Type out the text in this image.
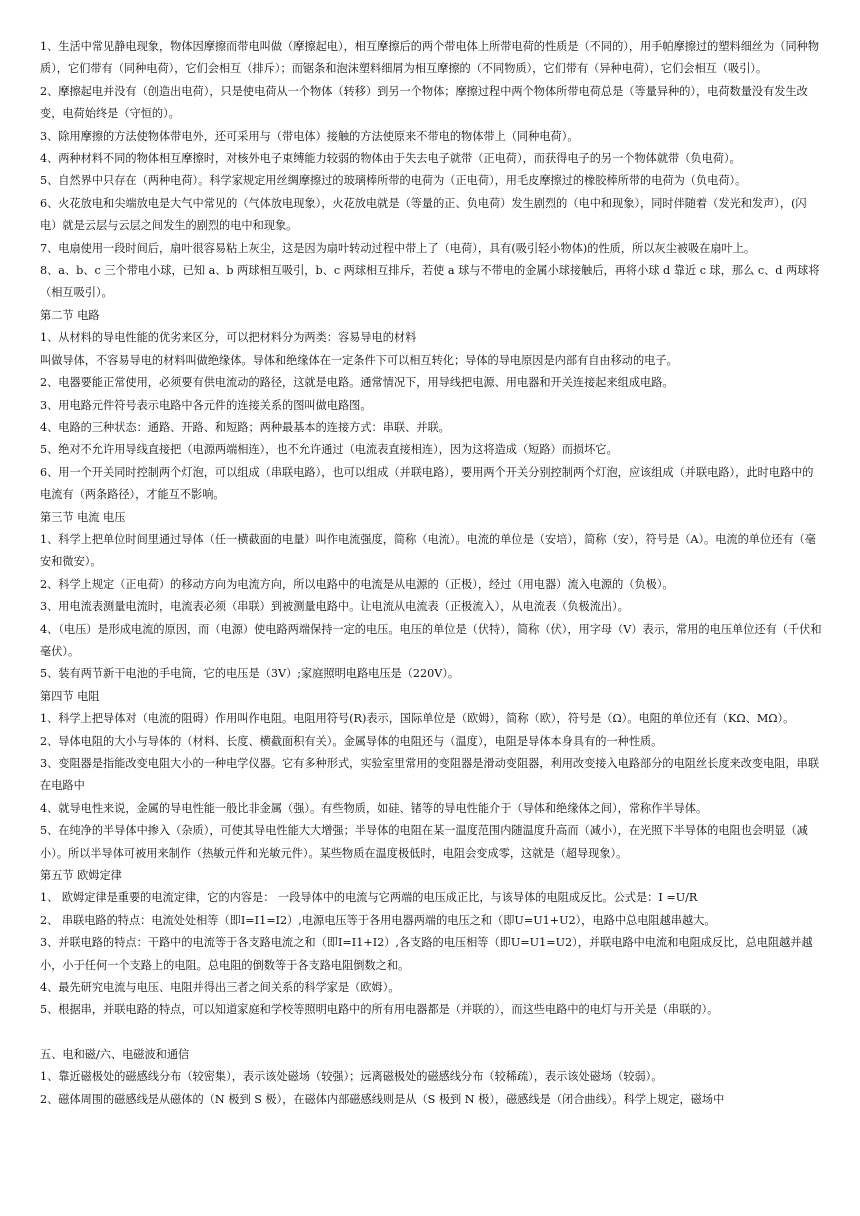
1、生活中常见静电现象，物体因摩擦而带电叫做（摩擦起电），相互摩擦后的两个带电体上所带电荷的性质是（不同的），用手帕摩擦过的塑料细丝为（同种物质），它们带有（同种电荷），它们会相互（排斥）；而锯条和泡沫塑料细屑为相互摩擦的（不同物质），它们带有（异种电荷），它们会相互（吸引）。

2、摩擦起电并没有（创造出电荷），只是使电荷从一个物体（转移）到另一个物体；摩擦过程中两个物体所带电荷总是（等量异种的），电荷数量没有发生改变，电荷始终是（守恒的）。

3、除用摩擦的方法使物体带电外，还可采用与（带电体）接触的方法使原来不带电的物体带上（同种电荷）。

4、两种材料不同的物体相互摩擦时，对核外电子束缚能力较弱的物体由于失去电子就带（正电荷），而获得电子的另一个物体就带（负电荷）。

5、自然界中只存在（两种电荷）。科学家规定用丝绸摩擦过的玻璃棒所带的电荷为（正电荷），用毛皮摩擦过的橡胶棒所带的电荷为（负电荷）。

6、火花放电和尖端放电是大气中常见的（气体放电现象），火花放电就是（等量的正、负电荷）发生剧烈的（电中和现象），同时伴随着（发光和发声），(闪电）就是云层与云层之间发生的剧烈的电中和现象。

7、电扇使用一段时间后，扇叶很容易粘上灰尘，这是因为扇叶转动过程中带上了（电荷），具有(吸引轻小物体)的性质，所以灰尘被吸在扇叶上。

8、a、b、c 三个带电小球，已知 a、b 两球相互吸引，b、c 两球相互排斥，若使 a 球与不带电的金属小球接触后，再将小球 d 靠近 c 球，那么 c、d 两球将（相互吸引）。

第二节 电路

1、从材料的导电性能的优劣来区分，可以把材料分为两类：容易导电的材料

叫做导体，不容易导电的材料叫做绝缘体。导体和绝缘体在一定条件下可以相互转化；导体的导电原因是内部有自由移动的电子。

2、电器要能正常使用，必须要有供电流动的路径，这就是电路。通常情况下，用导线把电源、用电器和开关连接起来组成电路。

3、用电路元件符号表示电路中各元件的连接关系的图叫做电路图。

4、电路的三种状态：通路、开路、和短路；两种最基本的连接方式：串联、并联。

5、绝对不允许用导线直接把（电源两端相连），也不允许通过（电流表直接相连），因为这将造成（短路）而损坏它。

6、用一个开关同时控制两个灯泡，可以组成（串联电路），也可以组成（并联电路），要用两个开关分别控制两个灯泡，应该组成（并联电路），此时电路中的电流有（两条路径），才能互不影响。

第三节 电流 电压

1、科学上把单位时间里通过导体（任一横截面的电量）叫作电流强度，简称（电流）。电流的单位是（安培），简称（安），符号是（A）。电流的单位还有（毫安和微安）。

2、科学上规定（正电荷）的移动方向为电流方向，所以电路中的电流是从电源的（正极），经过（用电器）流入电源的（负极）。

3、用电流表测量电流时，电流表必须（串联）到被测量电路中。让电流从电流表（正极流入），从电流表（负极流出）。

4、（电压）是形成电流的原因，而（电源）使电路两端保持一定的电压。电压的单位是（伏特），简称（伏），用字母（V）表示，常用的电压单位还有（千伏和毫伏）。

5、装有两节新干电池的手电筒，它的电压是（3V）;家庭照明电路电压是（220V）。

第四节 电阻

1、科学上把导体对（电流的阻碍）作用叫作电阻。电阻用符号(R)表示，国际单位是（欧姆），简称（欧），符号是（Ω）。电阻的单位还有（KΩ、MΩ）。

2、导体电阻的大小与导体的（材料、长度、横截面积有关）。金属导体的电阻还与（温度），电阻是导体本身具有的一种性质。

3、变阻器是指能改变电阻大小的一种电学仪器。它有多种形式，实验室里常用的变阻器是滑动变阻器，利用改变接入电路部分的电阻丝长度来改变电阻，串联在电路中

4、就导电性来说，金属的导电性能一般比非金属（强）。有些物质，如硅、锗等的导电性能介于（导体和绝缘体之间），常称作半导体。

5、在纯净的半导体中掺入（杂质），可使其导电性能大大增强；半导体的电阻在某一温度范围内随温度升高而（减小），在光照下半导体的电阻也会明显（减小）。所以半导体可被用来制作（热敏元件和光敏元件）。某些物质在温度极低时，电阻会变成零，这就是（超导现象）。

第五节 欧姆定律

1、 欧姆定律是重要的电流定律，它的内容是： 一段导体中的电流与它两端的电压成正比，与该导体的电阻成反比。公式是：I =U/R

2、 串联电路的特点：电流处处相等（即I=I1=I2）,电源电压等于各用电器两端的电压之和（即U=U1+U2），电路中总电阻越串越大。

3、并联电路的特点：干路中的电流等于各支路电流之和（即I=I1+I2）,各支路的电压相等（即U=U1=U2），并联电路中电流和电阻成反比，总电阻越并越小，小于任何一个支路上的电阻。总电阻的倒数等于各支路电阻倒数之和。

4、最先研究电流与电压、电阻并得出三者之间关系的科学家是（欧姆）。

5、根据串，并联电路的特点，可以知道家庭和学校等照明电路中的所有用电器都是（并联的），而这些电路中的电灯与开关是（串联的）。

五、电和磁/六、电磁波和通信

1、靠近磁极处的磁感线分布（较密集），表示该处磁场（较强）；远离磁极处的磁感线分布（较稀疏），表示该处磁场（较弱）。

2、磁体周围的磁感线是从磁体的（N 极到 S 极），在磁体内部磁感线则是从（S 极到 N 极），磁感线是（闭合曲线）。科学上规定，磁场中
